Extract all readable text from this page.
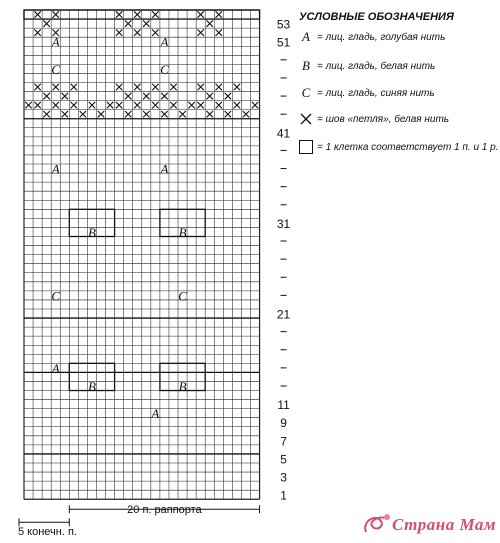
A	A
C	C
A	A
B	B
C	C
A
A
B	B
53
51
41
31
21
11
9
7
5
3
1
20 п. раппорта
5 конечн. п.
УСЛОВНЫЕ ОБОЗНАЧЕНИЯ
A = лиц. гладь, голубая нить
B = лиц. гладь, белая нить
C = лиц. гладь, синяя нить
= шов «петля», белая нить
= 1 клетка соответствует 1 п. и 1 р.
Страна Мам
